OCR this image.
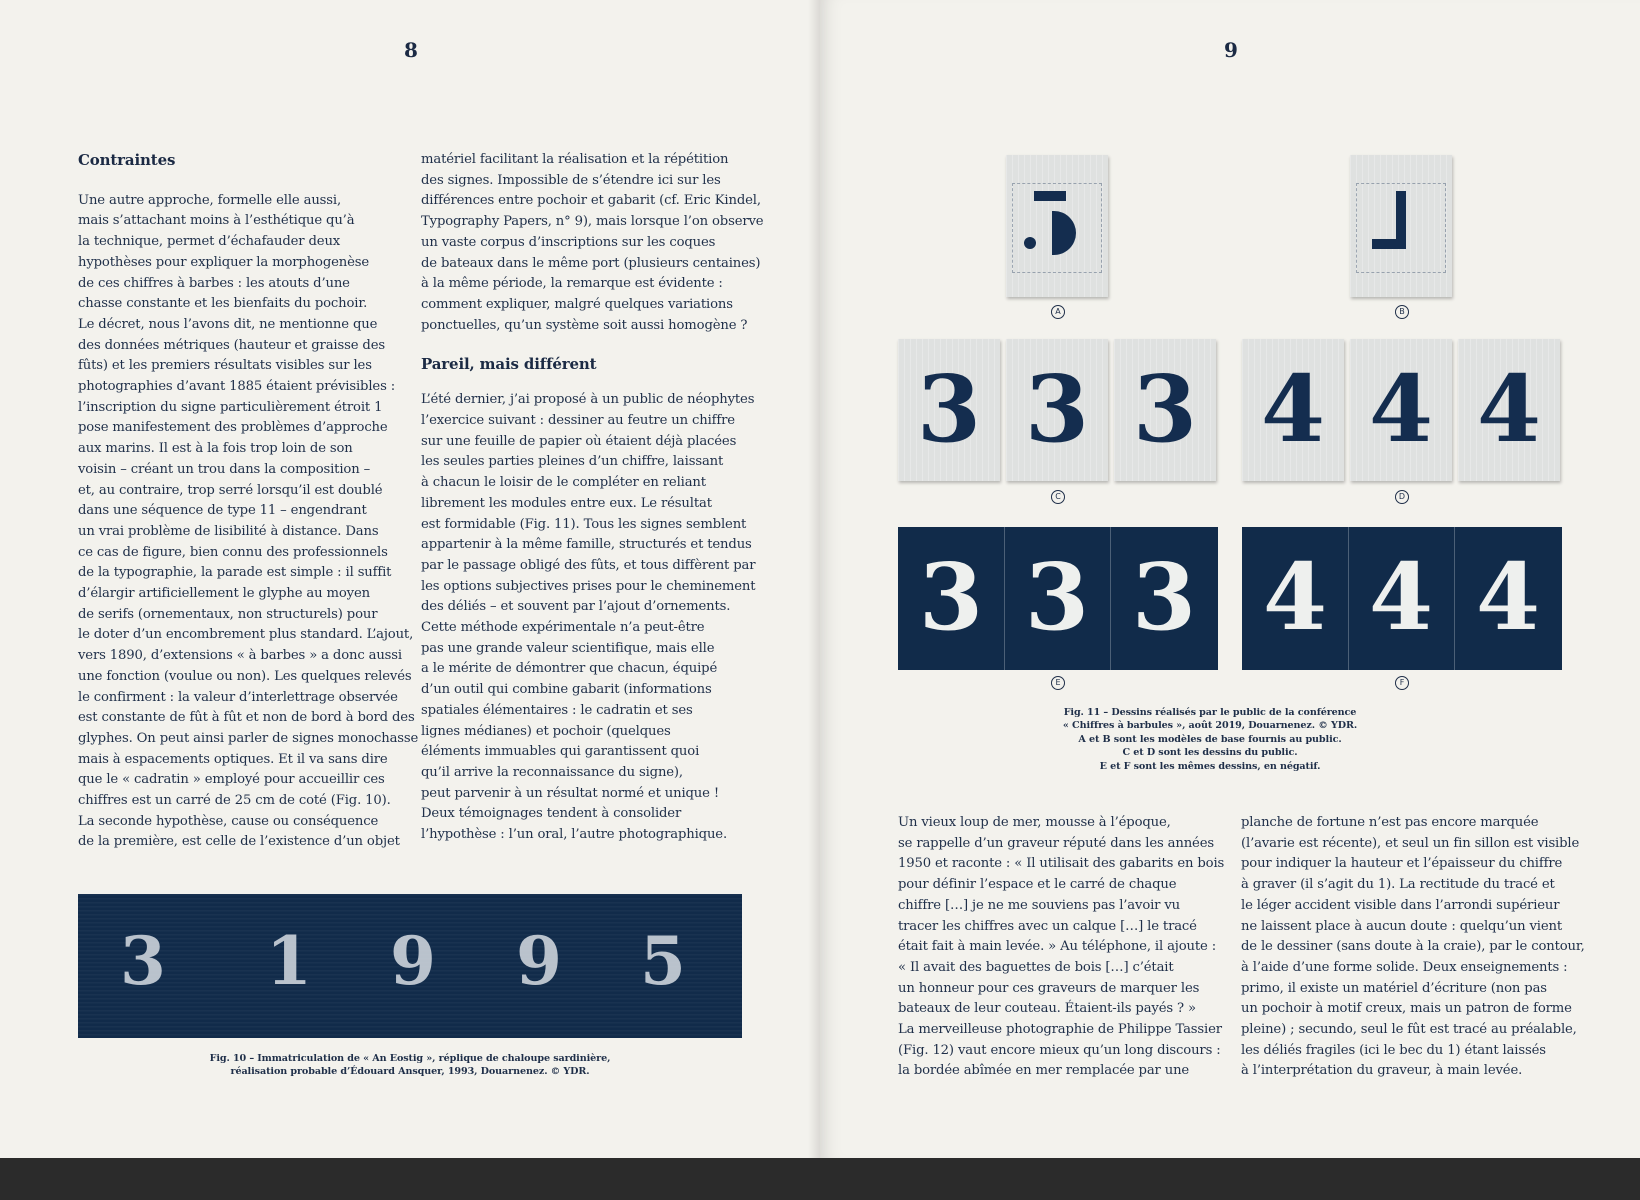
8
Contraintes
Une autre approche, formelle elle aussi,
mais s’attachant moins à l’esthétique qu’à
la technique, permet d’échafauder deux
hypothèses pour expliquer la morphogenèse
de ces chiffres à barbes : les atouts d’une
chasse constante et les bienfaits du pochoir.
Le décret, nous l’avons dit, ne mentionne que
des données métriques (hauteur et graisse des
fûts) et les premiers résultats visibles sur les
photographies d’avant 1885 étaient prévisibles :
l’inscription du signe particulièrement étroit 1
pose manifestement des problèmes d’approche
aux marins. Il est à la fois trop loin de son
voisin – créant un trou dans la composition –
et, au contraire, trop serré lorsqu’il est doublé
dans une séquence de type 11 – engendrant
un vrai problème de lisibilité à distance. Dans
ce cas de figure, bien connu des professionnels
de la typographie, la parade est simple : il suffit
d’élargir artificiellement le glyphe au moyen
de serifs (ornementaux, non structurels) pour
le doter d’un encombrement plus standard. L’ajout,
vers 1890, d’extensions « à barbes » a donc aussi
une fonction (voulue ou non). Les quelques relevés
le confirment : la valeur d’interlettrage observée
est constante de fût à fût et non de bord à bord des
glyphes. On peut ainsi parler de signes monochasse
mais à espacements optiques. Et il va sans dire
que le « cadratin » employé pour accueillir ces
chiffres est un carré de 25 cm de coté (Fig. 10).
La seconde hypothèse, cause ou conséquence
de la première, est celle de l’existence d’un objet
matériel facilitant la réalisation et la répétition
des signes. Impossible de s’étendre ici sur les
différences entre pochoir et gabarit (cf. Eric Kindel,
Typography Papers, n° 9), mais lorsque l’on observe
un vaste corpus d’inscriptions sur les coques
de bateaux dans le même port (plusieurs centaines)
à la même période, la remarque est évidente :
comment expliquer, malgré quelques variations
ponctuelles, qu’un système soit aussi homogène ?
Pareil, mais différent
L’été dernier, j’ai proposé à un public de néophytes
l’exercice suivant : dessiner au feutre un chiffre
sur une feuille de papier où étaient déjà placées
les seules parties pleines d’un chiffre, laissant
à chacun le loisir de le compléter en reliant
librement les modules entre eux. Le résultat
est formidable (Fig. 11). Tous les signes semblent
appartenir à la même famille, structurés et tendus
par le passage obligé des fûts, et tous diffèrent par
les options subjectives prises pour le cheminement
des déliés – et souvent par l’ajout d’ornements.
Cette méthode expérimentale n’a peut-être
pas une grande valeur scientifique, mais elle
a le mérite de démontrer que chacun, équipé
d’un outil qui combine gabarit (informations
spatiales élémentaires : le cadratin et ses
lignes médianes) et pochoir (quelques
éléments immuables qui garantissent quoi
qu’il arrive la reconnaissance du signe),
peut parvenir à un résultat normé et unique !
Deux témoignages tendent à consolider
l’hypothèse : l’un oral, l’autre photographique.
3 1 9 9 5
Fig. 10 – Immatriculation de « An Eostig », réplique de chaloupe sardinière,
réalisation probable d’Édouard Ansquer, 1993, Douarnenez. © YDR.
9
A	B
3 3 3
C
4 4 4
D
3 3 3
E
4 4 4
F
Fig. 11 – Dessins réalisés par le public de la conférence
« Chiffres à barbules », août 2019, Douarnenez. © YDR.
A et B sont les modèles de base fournis au public.
C et D sont les dessins du public.
E et F sont les mêmes dessins, en négatif.
Un vieux loup de mer, mousse à l’époque,
se rappelle d’un graveur réputé dans les années
1950 et raconte : « Il utilisait des gabarits en bois
pour définir l’espace et le carré de chaque
chiffre […] je ne me souviens pas l’avoir vu
tracer les chiffres avec un calque […] le tracé
était fait à main levée. » Au téléphone, il ajoute :
« Il avait des baguettes de bois […] c’était
un honneur pour ces graveurs de marquer les
bateaux de leur couteau. Étaient-ils payés ? »
La merveilleuse photographie de Philippe Tassier
(Fig. 12) vaut encore mieux qu’un long discours :
la bordée abîmée en mer remplacée par une
planche de fortune n’est pas encore marquée
(l’avarie est récente), et seul un fin sillon est visible
pour indiquer la hauteur et l’épaisseur du chiffre
à graver (il s’agit du 1). La rectitude du tracé et
le léger accident visible dans l’arrondi supérieur
ne laissent place à aucun doute : quelqu’un vient
de le dessiner (sans doute à la craie), par le contour,
à l’aide d’une forme solide. Deux enseignements :
primo, il existe un matériel d’écriture (non pas
un pochoir à motif creux, mais un patron de forme
pleine) ; secundo, seul le fût est tracé au préalable,
les déliés fragiles (ici le bec du 1) étant laissés
à l’interprétation du graveur, à main levée.
